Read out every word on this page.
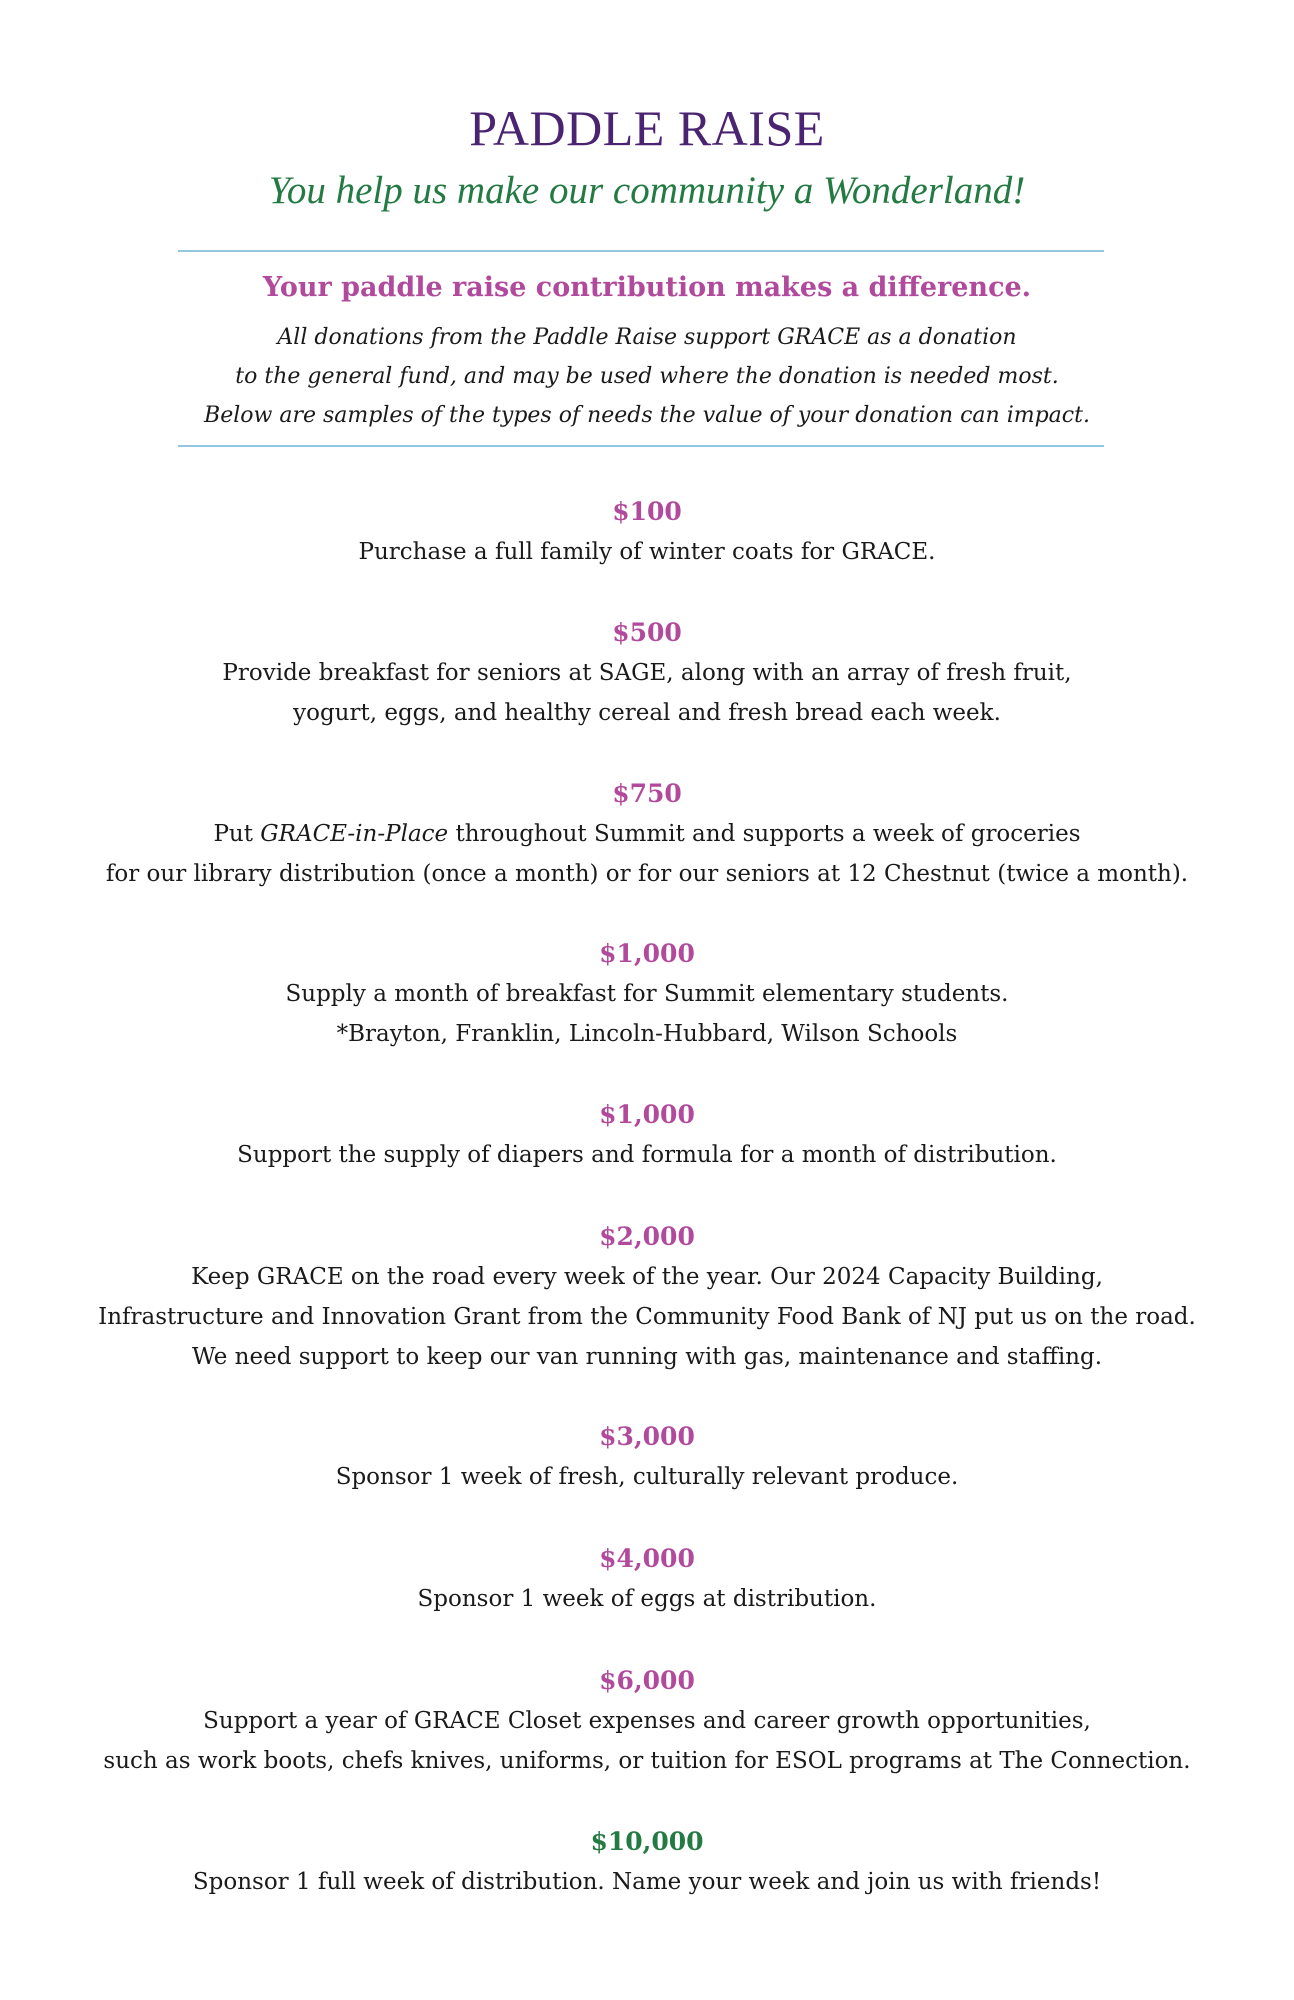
PADDLE RAISE
You help us make our community a Wonderland!
Your paddle raise contribution makes a difference.
All donations from the Paddle Raise support GRACE as a donation
to the general fund, and may be used where the donation is needed most.
Below are samples of the types of needs the value of your donation can impact.
$100
Purchase a full family of winter coats for GRACE.
$500
Provide breakfast for seniors at SAGE, along with an array of fresh fruit,
yogurt, eggs, and healthy cereal and fresh bread each week.
$750
Put GRACE-in-Place throughout Summit and supports a week of groceries
for our library distribution (once a month) or for our seniors at 12 Chestnut (twice a month).
$1,000
Supply a month of breakfast for Summit elementary students.
*Brayton, Franklin, Lincoln-Hubbard, Wilson Schools
$1,000
Support the supply of diapers and formula for a month of distribution.
$2,000
Keep GRACE on the road every week of the year. Our 2024 Capacity Building,
Infrastructure and Innovation Grant from the Community Food Bank of NJ put us on the road.
We need support to keep our van running with gas, maintenance and staffing.
$3,000
Sponsor 1 week of fresh, culturally relevant produce.
$4,000
Sponsor 1 week of eggs at distribution.
$6,000
Support a year of GRACE Closet expenses and career growth opportunities,
such as work boots, chefs knives, uniforms, or tuition for ESOL programs at The Connection.
$10,000
Sponsor 1 full week of distribution. Name your week and join us with friends!
